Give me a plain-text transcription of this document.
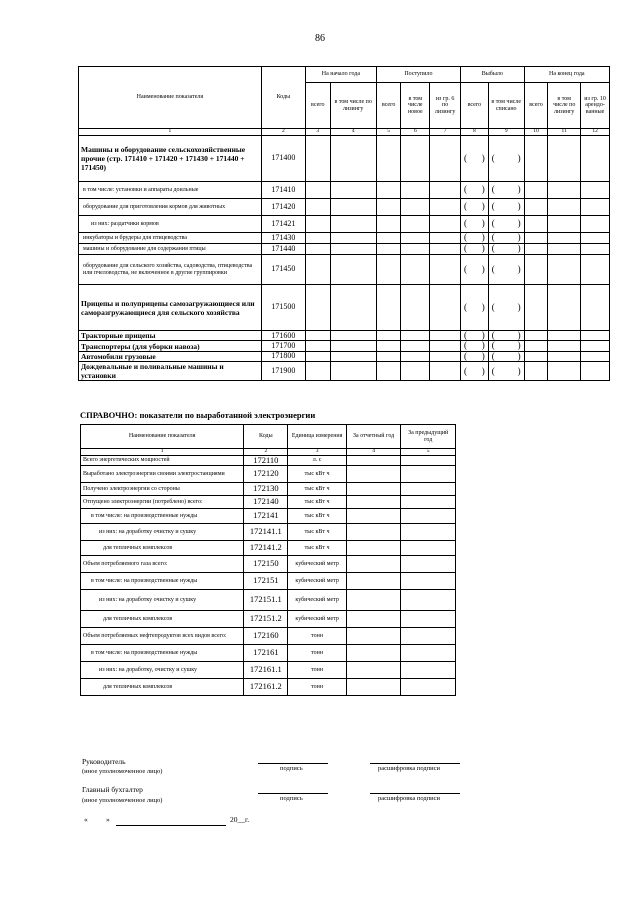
86
Наименование показателя	Коды	На начало года		Поступило			Выбыло		На конец года		
		всего	в том числе по лизингу	всего	в том числе новое	из гр. 6 по лизингу	всего	в том числе списано	всего	в том числе по лизингу	из гр. 10 арендо-ванные
1	2	3	4	5	6	7	8	9	10	11	12
Машины и оборудование сельскохозяйственные прочие (стр. 171410 + 171420 + 171430 + 171440 + 171450)	171400						( )	( )			

в том числе: установки и аппараты доильные	171410						( )	( )			

оборудование для приготовления кормов для животных	171420						( )	( )			

из них: раздатчики кормов	171421						( )	( )			

инкубаторы и брудеры для птицеводства	171430						( )	( )			

машины и оборудование для содержания птицы	171440						( )	( )			

оборудование для сельского хозяйства, садоводства, птицеводства или пчеловодства, не включенное в другие группировки	171450						( )	( )			

Прицепы и полуприцепы самозагружающиеся или саморазгружающиеся для сельского хозяйства	171500						( )	( )			

Тракторные прицепы	171600						( )	( )			

Транспортеры (для уборки навоза)	171700						( )	( )			

Автомобили грузовые	171800						( )	( )			

Дождевальные и поливальные машины и установки	171900						( )	( )			

СПРАВОЧНО: показатели по выработанной электроэнергии
Наименование показателя	Коды	Единица измерения	За отчетный год	За предыдущий год
1	2	3	4	5
Всего энергетических мощностей	172110	л. с		
Выработано электроэнергии своими электростанциями	172120	тыс кВт ч		
Получено электроэнергии со стороны	172130	тыс кВт ч		
Отпущено электроэнергии (потреблено) всего:	172140	тыс кВт ч		
в том числе: на производственные нужды	172141	тыс кВт ч		
из них: на доработку очистку и сушку	172141.1	тыс кВт ч		
для тепличных комплексов	172141.2	тыс кВт ч		
Объем потребляемого газа всего:	172150	кубический метр		
в том числе: на производственные нужды	172151	кубический метр		
из них: на доработку очистку и сушку	172151.1	кубический метр		
для тепличных комплексов	172151.2	кубический метр		
Объем потребляемых нефтепродуктов всех видов всего:	172160	тонн		
в том числе: на производственные нужды	172161	тонн		
из них: на доработку, очистку и сушку	172161.1	тонн		
для тепличных комплексов	172161.2	тонн		
Руководитель
(иное уполномоченное лицо)	подпись	расшифровка подписи
Главный бухгалтер
(иное уполномоченное лицо)	подпись	расшифровка подписи
« »	20__г.
